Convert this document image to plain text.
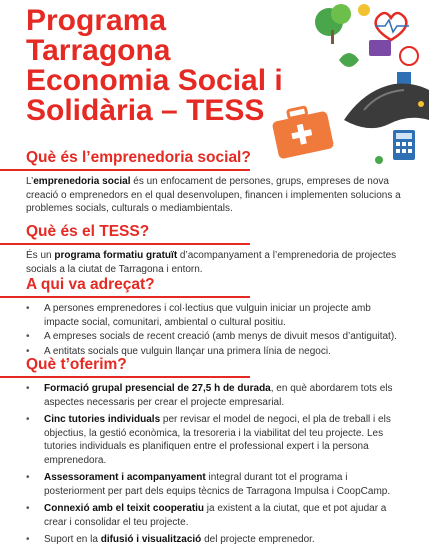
Programa Tarragona
Economia Social i
Solidària – TESS
Què és l’emprenedoria social?

L’emprenedoria social és un enfocament de persones, grups, empreses de nova creació o emprenedors en el qual desenvolupen, financen i implementen solucions a problemes socials, culturals o mediambientals.

Què és el TESS?

És un programa formatiu gratuït d’acompanyament a l’emprenedoria de projectes socials a la ciutat de Tarragona i entorn.

A qui va adreçat?
• A persones emprenedores i col·lectius que vulguin iniciar un projecte amb impacte social, comunitari, ambiental o cultural positiu.
• A empreses socials de recent creació (amb menys de divuit mesos d’antiguitat).
• A entitats socials que vulguin llançar una primera línia de negoci.
Què t’oferim?
• Formació grupal presencial de 27,5 h de durada, en què abordarem tots els aspectes necessaris per crear el projecte empresarial.
• Cinc tutories individuals per revisar el model de negoci, el pla de treball i els objectius, la gestió econòmica, la tresoreria i la viabilitat del teu projecte. Les tutories individuals es planifiquen entre el professional expert i la persona emprenedora.
• Assessorament i acompanyament integral durant tot el programa i posteriorment per part dels equips tècnics de Tarragona Impulsa i CoopCamp.
• Connexió amb el teixit cooperatiu ja existent a la ciutat, que et pot ajudar a crear i consolidar el teu projecte.
• Suport en la difusió i visualització del projecte emprenedor.
